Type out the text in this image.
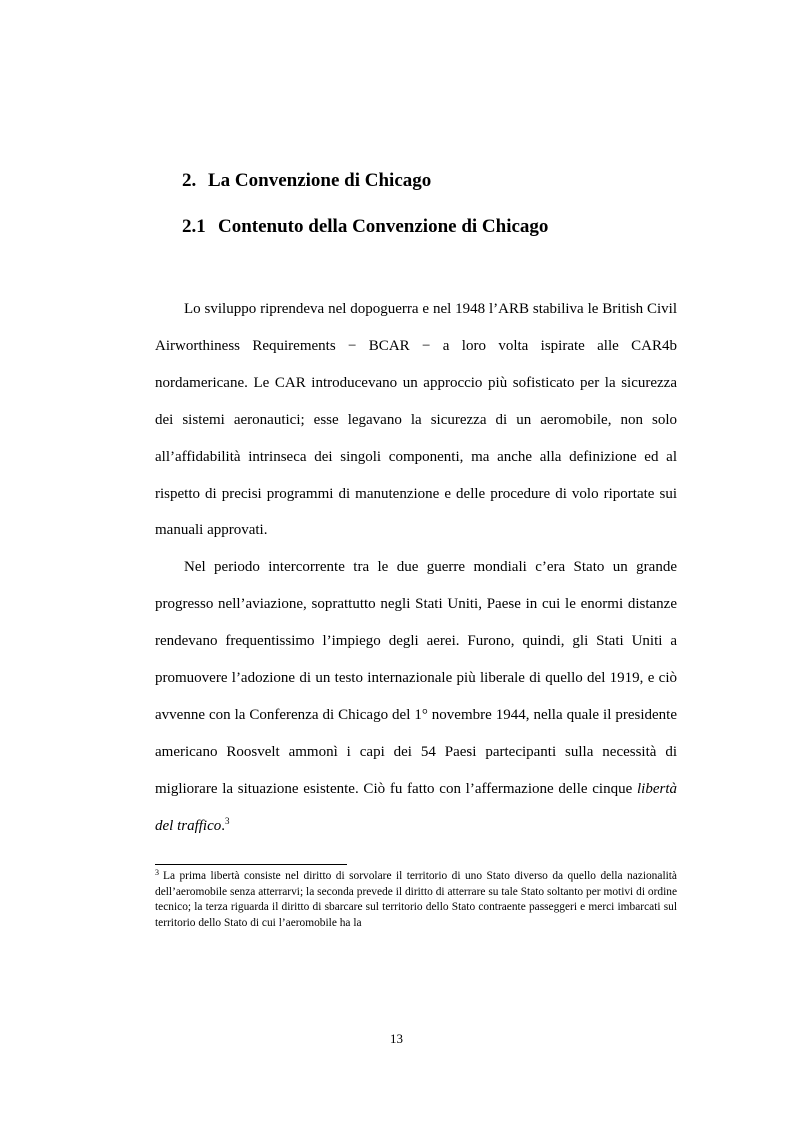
2. La Convenzione di Chicago
2.1 Contenuto della Convenzione di Chicago

Lo sviluppo riprendeva nel dopoguerra e nel 1948 l’ARB stabiliva le British Civil Airworthiness Requirements − BCAR − a loro volta ispirate alle CAR4b nordamericane. Le CAR introducevano un approccio più sofisticato per la sicurezza dei sistemi aeronautici; esse legavano la sicurezza di un aeromobile, non solo all’affidabilità intrinseca dei singoli componenti, ma anche alla definizione ed al rispetto di precisi programmi di manutenzione e delle procedure di volo riportate sui manuali approvati.

Nel periodo intercorrente tra le due guerre mondiali c’era Stato un grande progresso nell’aviazione, soprattutto negli Stati Uniti, Paese in cui le enormi distanze rendevano frequentissimo l’impiego degli aerei. Furono, quindi, gli Stati Uniti a promuovere l’adozione di un testo internazionale più liberale di quello del 1919, e ciò avvenne con la Conferenza di Chicago del 1° novembre 1944, nella quale il presidente americano Roosvelt ammonì i capi dei 54 Paesi partecipanti sulla necessità di migliorare la situazione esistente. Ciò fu fatto con l’affermazione delle cinque libertà del traffico.$^3$

$^3$ La prima libertà consiste nel diritto di sorvolare il territorio di uno Stato diverso da quello della nazionalità dell’aeromobile senza atterrarvi; la seconda prevede il diritto di atterrare su tale Stato soltanto per motivi di ordine tecnico; la terza riguarda il diritto di sbarcare sul territorio dello Stato contraente passeggeri e merci imbarcati sul territorio dello Stato di cui l’aeromobile ha la

13
